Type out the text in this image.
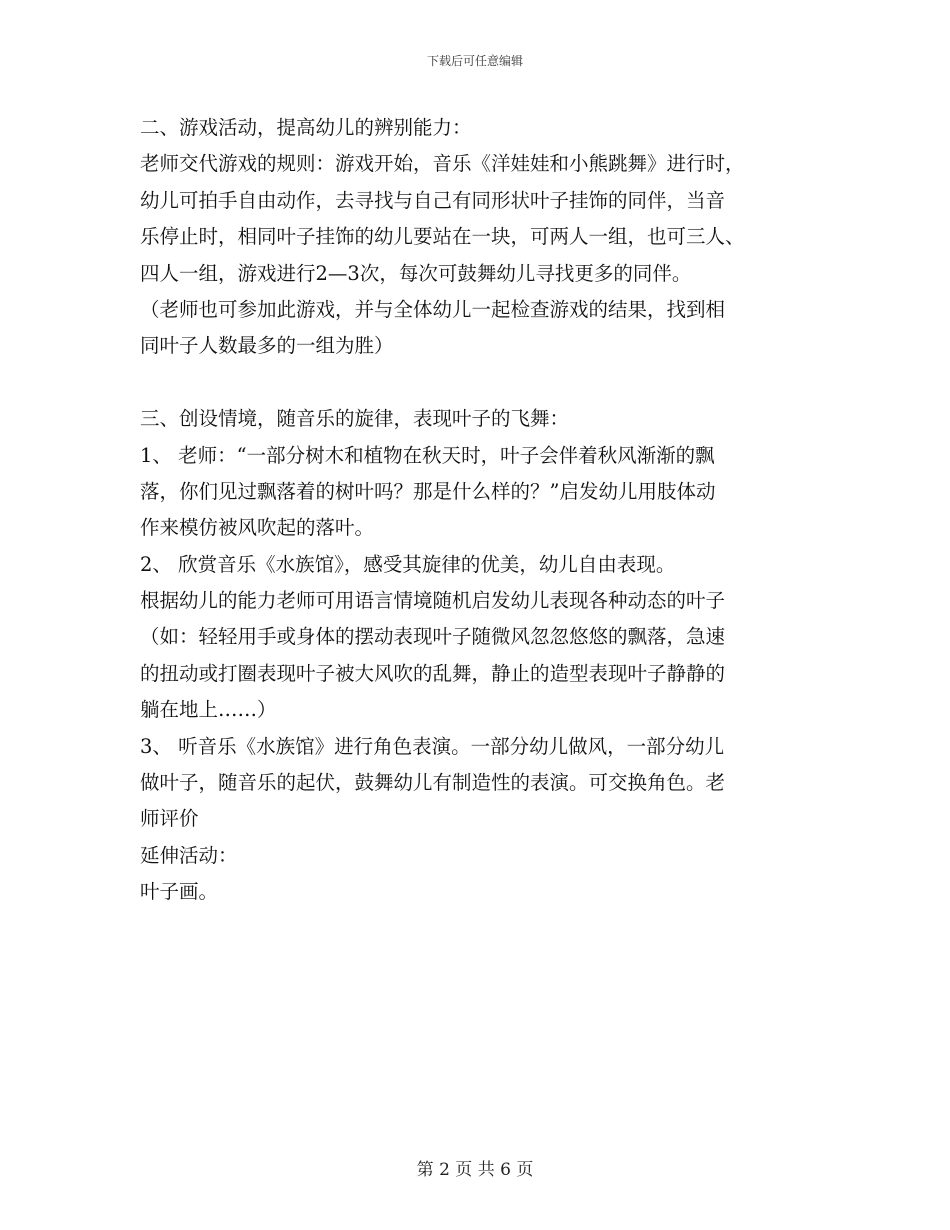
下载后可任意编辑
二、游戏活动，提高幼儿的辨别能力：
老师交代游戏的规则：游戏开始，音乐《洋娃娃和小熊跳舞》进行时，
幼儿可拍手自由动作，去寻找与自己有同形状叶子挂饰的同伴，当音
乐停止时，相同叶子挂饰的幼儿要站在一块，可两人一组，也可三人、
四人一组，游戏进行2—3次，每次可鼓舞幼儿寻找更多的同伴。
（老师也可参加此游戏，并与全体幼儿一起检查游戏的结果，找到相
同叶子人数最多的一组为胜）
三、创设情境，随音乐的旋律，表现叶子的飞舞：
1、 老师：“一部分树木和植物在秋天时，叶子会伴着秋风渐渐的飘
落，你们见过飘落着的树叶吗？那是什么样的？”启发幼儿用肢体动
作来模仿被风吹起的落叶。
2、 欣赏音乐《水族馆》，感受其旋律的优美，幼儿自由表现。
根据幼儿的能力老师可用语言情境随机启发幼儿表现各种动态的叶子
（如：轻轻用手或身体的摆动表现叶子随微风忽忽悠悠的飘落，急速
的扭动或打圈表现叶子被大风吹的乱舞，静止的造型表现叶子静静的
躺在地上……）
3、 听音乐《水族馆》进行角色表演。一部分幼儿做风，一部分幼儿
做叶子，随音乐的起伏，鼓舞幼儿有制造性的表演。可交换角色。老
师评价
延伸活动：
叶子画。
第 2 页 共 6 页
